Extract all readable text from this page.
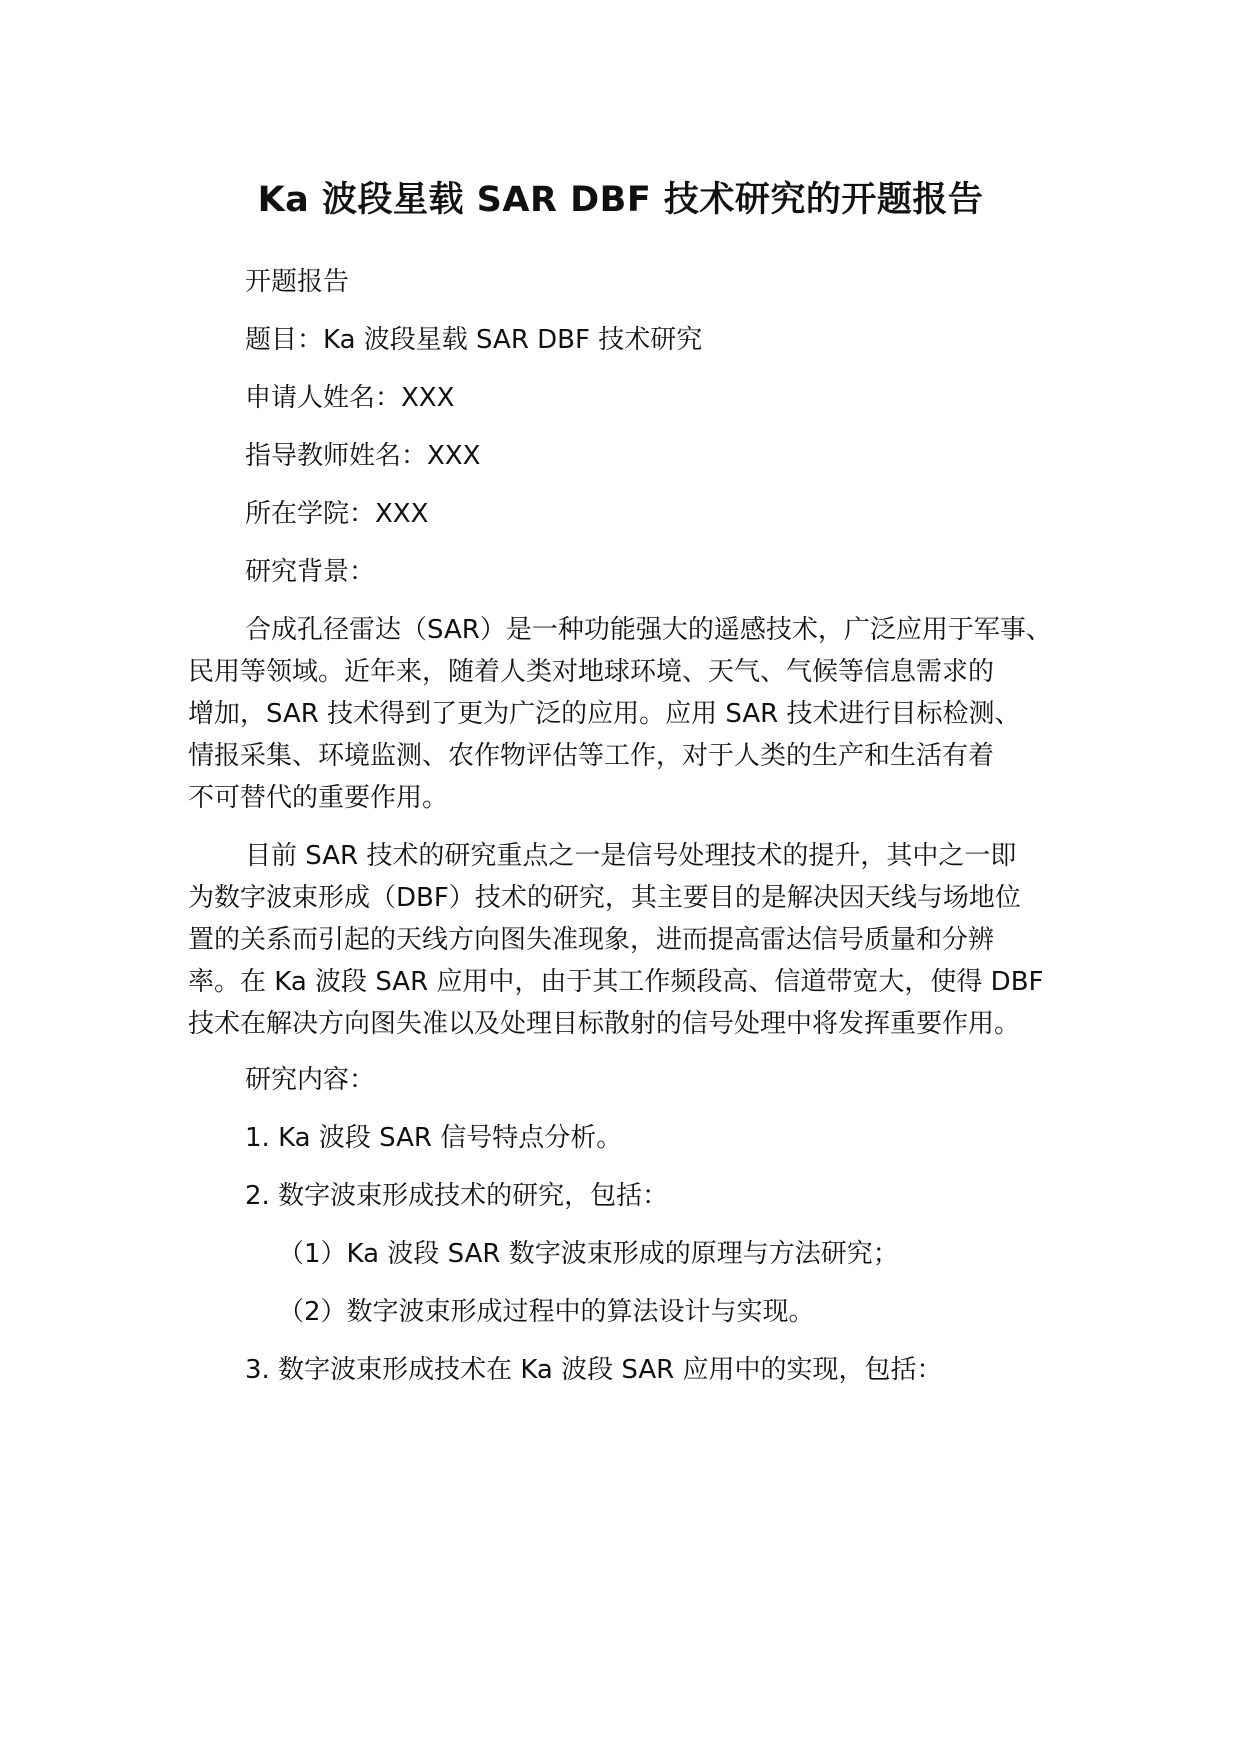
Ka 波段星载 SAR DBF 技术研究的开题报告
开题报告
题目：Ka 波段星载 SAR DBF 技术研究
申请人姓名：XXX
指导教师姓名：XXX
所在学院：XXX
研究背景：
合成孔径雷达（SAR）是一种功能强大的遥感技术，广泛应用于军事、
民用等领域。近年来，随着人类对地球环境、天气、气候等信息需求的
增加，SAR 技术得到了更为广泛的应用。应用 SAR 技术进行目标检测、
情报采集、环境监测、农作物评估等工作，对于人类的生产和生活有着
不可替代的重要作用。
目前 SAR 技术的研究重点之一是信号处理技术的提升，其中之一即
为数字波束形成（DBF）技术的研究，其主要目的是解决因天线与场地位
置的关系而引起的天线方向图失准现象，进而提高雷达信号质量和分辨
率。在 Ka 波段 SAR 应用中，由于其工作频段高、信道带宽大，使得 DBF
技术在解决方向图失准以及处理目标散射的信号处理中将发挥重要作用。
研究内容：
1. Ka 波段 SAR 信号特点分析。
2. 数字波束形成技术的研究，包括：
（1）Ka 波段 SAR 数字波束形成的原理与方法研究；
（2）数字波束形成过程中的算法设计与实现。
3. 数字波束形成技术在 Ka 波段 SAR 应用中的实现，包括：
